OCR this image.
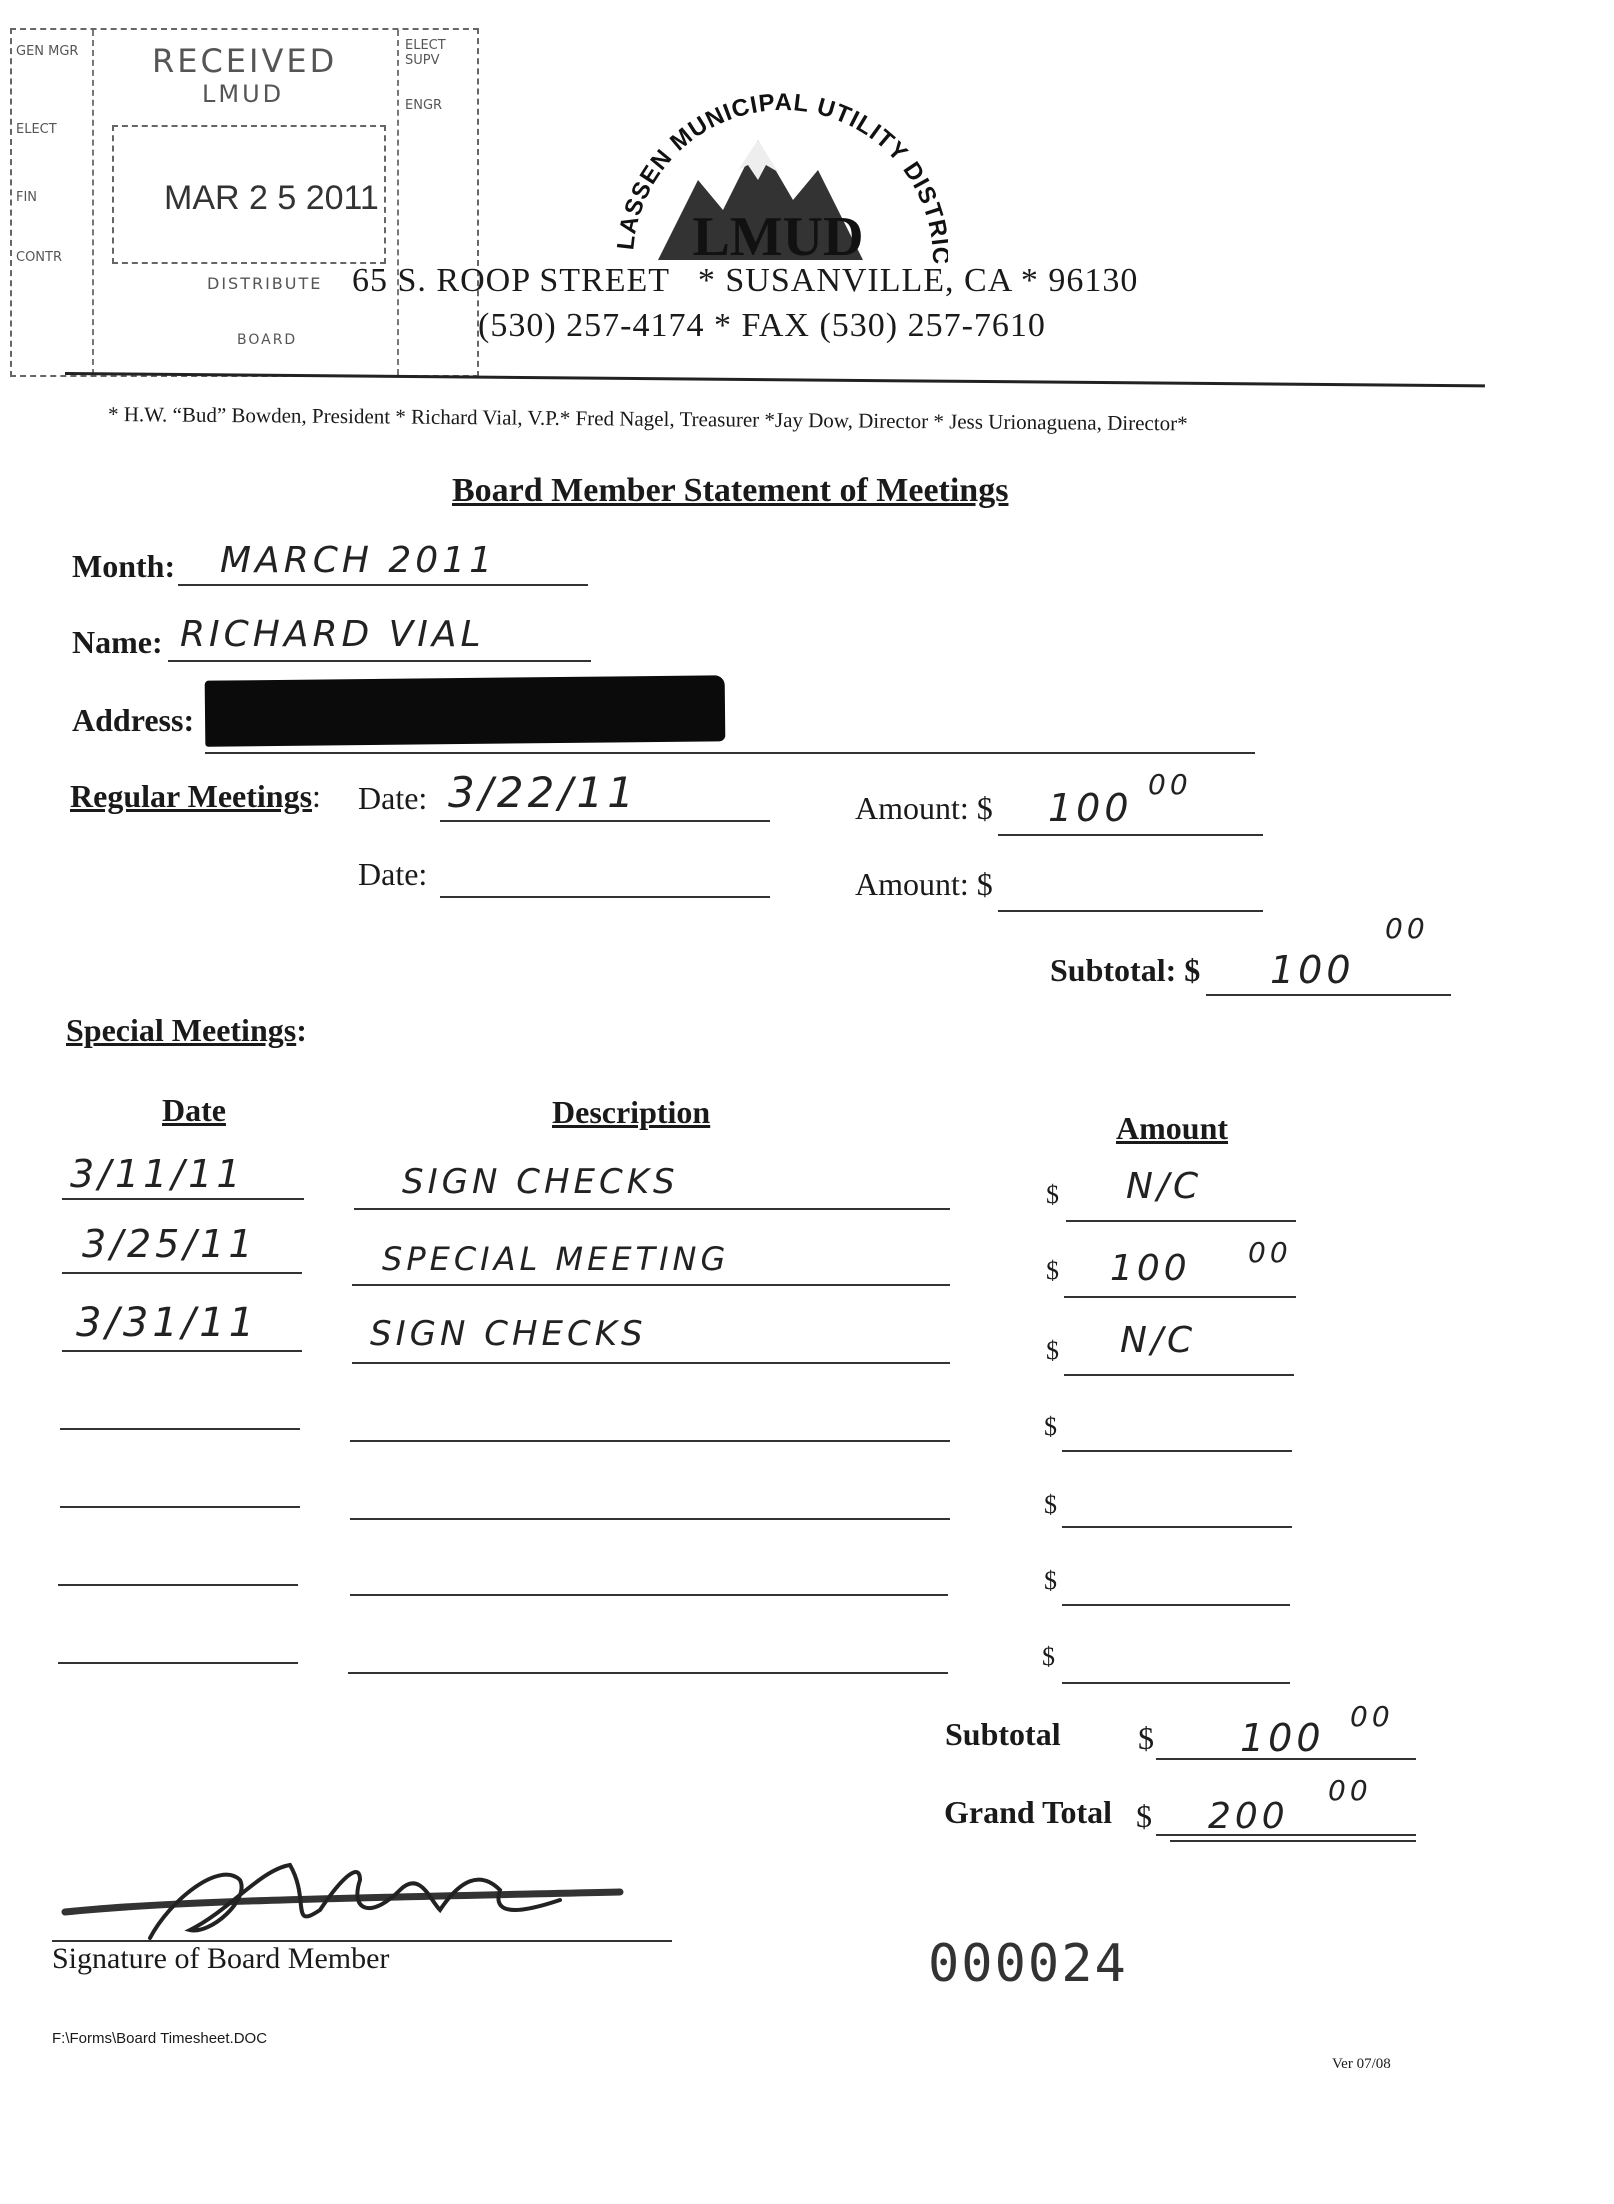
GEN MGR
ELECT
FIN
CONTR
RECEIVED
LMUD
MAR 2 5 2011
DISTRIBUTE
BOARD
ELECT SUPV
ENGR
LASSEN MUNICIPAL UTILITY DIST
LMUD
65 S. ROOP STREET   * SUSANVILLE, CA * 96130
(530) 257-4174 * FAX (530) 257-7610
* H.W. “Bud” Bowden, President * Richard Vial, V.P.* Fred Nagel, Treasurer *Jay Dow, Director * Jess Urionaguena, Director*
Board Member Statement of Meetings
Month: MARCH 2011
Name: RICHARD VIAL
Address:
Regular Meetings: Date: 3/22/11	Amount: $ 100
00
Date:	Amount: $
Subtotal: $ 100
00
Special Meetings:
Date	Description	Amount
3/11/11	SIGN CHECKS	$ N/C
3/25/11	SPECIAL MEETING	$ 100 00
3/31/11	SIGN CHECKS	$ N/C
$
$
$
$
Subtotal $ 100 00
Grand Total $ 200
00
Signature of Board Member	000024
F:\Forms\Board Timesheet.DOC
Ver 07/08
